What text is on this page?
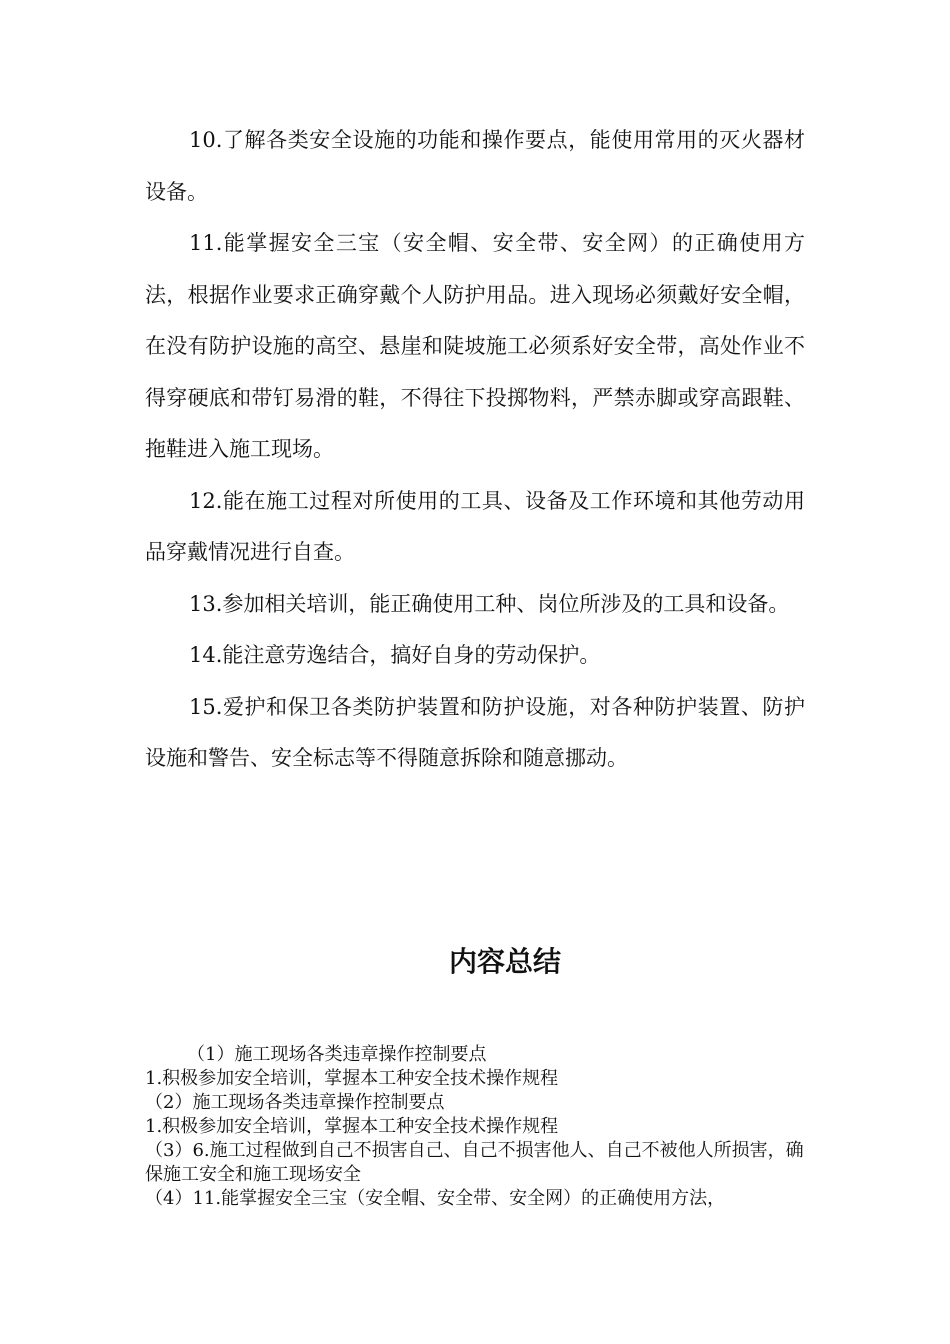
10.了解各类安全设施的功能和操作要点，能使用常用的灭火器材设备。

11.能掌握安全三宝（安全帽、安全带、安全网）的正确使用方法，根据作业要求正确穿戴个人防护用品。进入现场必须戴好安全帽，在没有防护设施的高空、悬崖和陡坡施工必须系好安全带，高处作业不得穿硬底和带钉易滑的鞋，不得往下投掷物料，严禁赤脚或穿高跟鞋、拖鞋进入施工现场。

12.能在施工过程对所使用的工具、设备及工作环境和其他劳动用品穿戴情况进行自查。

13.参加相关培训，能正确使用工种、岗位所涉及的工具和设备。

14.能注意劳逸结合，搞好自身的劳动保护。

15.爱护和保卫各类防护装置和防护设施，对各种防护装置、防护设施和警告、安全标志等不得随意拆除和随意挪动。

内容总结

（1）施工现场各类违章操作控制要点

1.积极参加安全培训，掌握本工种安全技术操作规程

（2）施工现场各类违章操作控制要点

1.积极参加安全培训，掌握本工种安全技术操作规程

（3）6.施工过程做到自己不损害自己、自己不损害他人、自己不被他人所损害，确保施工安全和施工现场安全

（4）11.能掌握安全三宝（安全帽、安全带、安全网）的正确使用方法，
